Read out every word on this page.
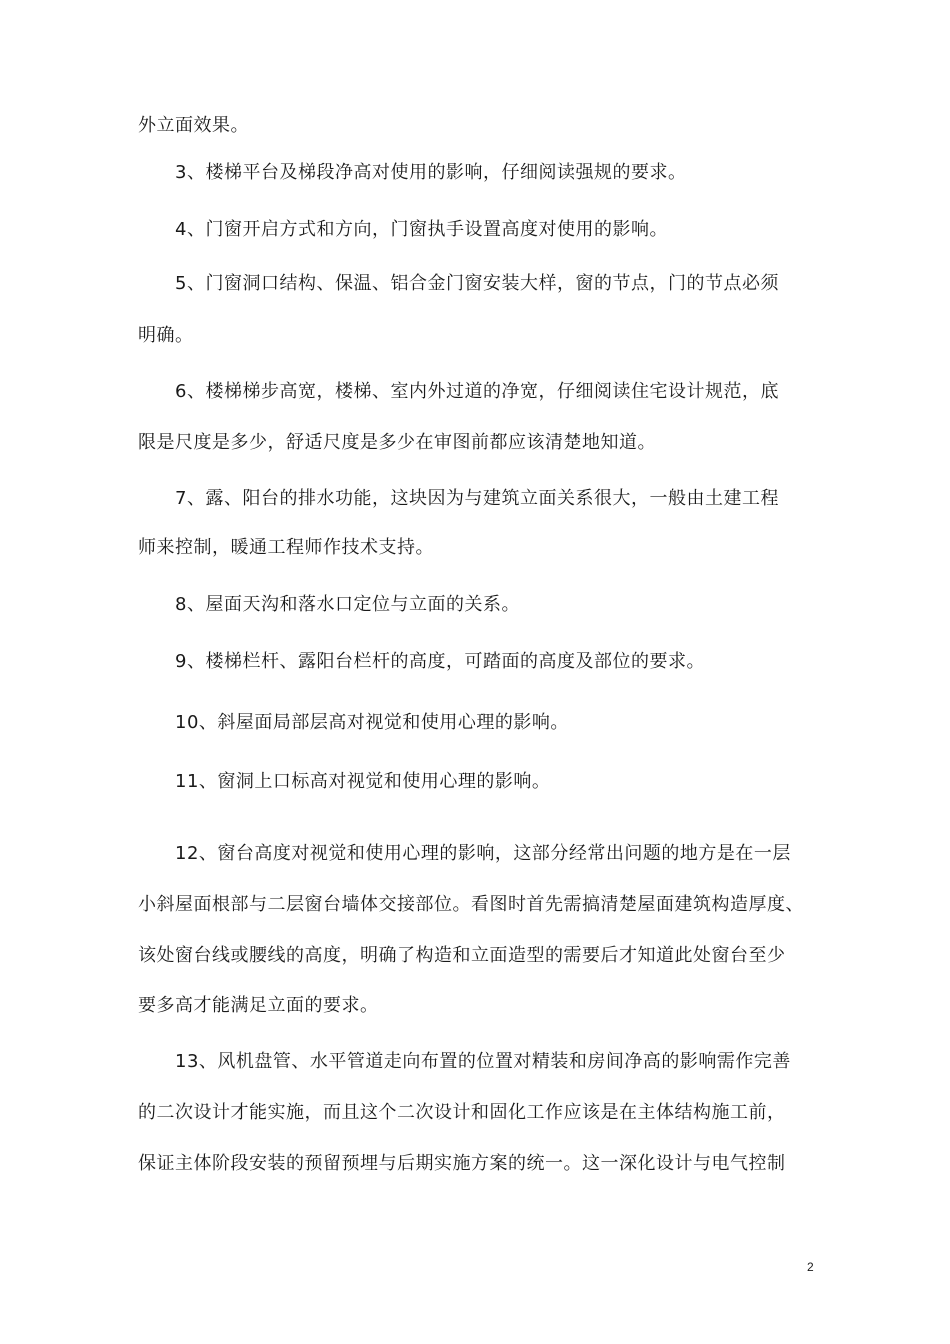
外立面效果。
3、楼梯平台及梯段净高对使用的影响，仔细阅读强规的要求。
4、门窗开启方式和方向，门窗执手设置高度对使用的影响。
5、门窗洞口结构、保温、铝合金门窗安装大样，窗的节点，门的节点必须
明确。
6、楼梯梯步高宽，楼梯、室内外过道的净宽，仔细阅读住宅设计规范，底
限是尺度是多少，舒适尺度是多少在审图前都应该清楚地知道。
7、露、阳台的排水功能，这块因为与建筑立面关系很大，一般由土建工程
师来控制，暖通工程师作技术支持。
8、屋面天沟和落水口定位与立面的关系。
9、楼梯栏杆、露阳台栏杆的高度，可踏面的高度及部位的要求。
10、斜屋面局部层高对视觉和使用心理的影响。
11、窗洞上口标高对视觉和使用心理的影响。
12、窗台高度对视觉和使用心理的影响，这部分经常出问题的地方是在一层
小斜屋面根部与二层窗台墙体交接部位。看图时首先需搞清楚屋面建筑构造厚度、
该处窗台线或腰线的高度，明确了构造和立面造型的需要后才知道此处窗台至少
要多高才能满足立面的要求。
13、风机盘管、水平管道走向布置的位置对精装和房间净高的影响需作完善
的二次设计才能实施，而且这个二次设计和固化工作应该是在主体结构施工前，
保证主体阶段安装的预留预埋与后期实施方案的统一。这一深化设计与电气控制
2
